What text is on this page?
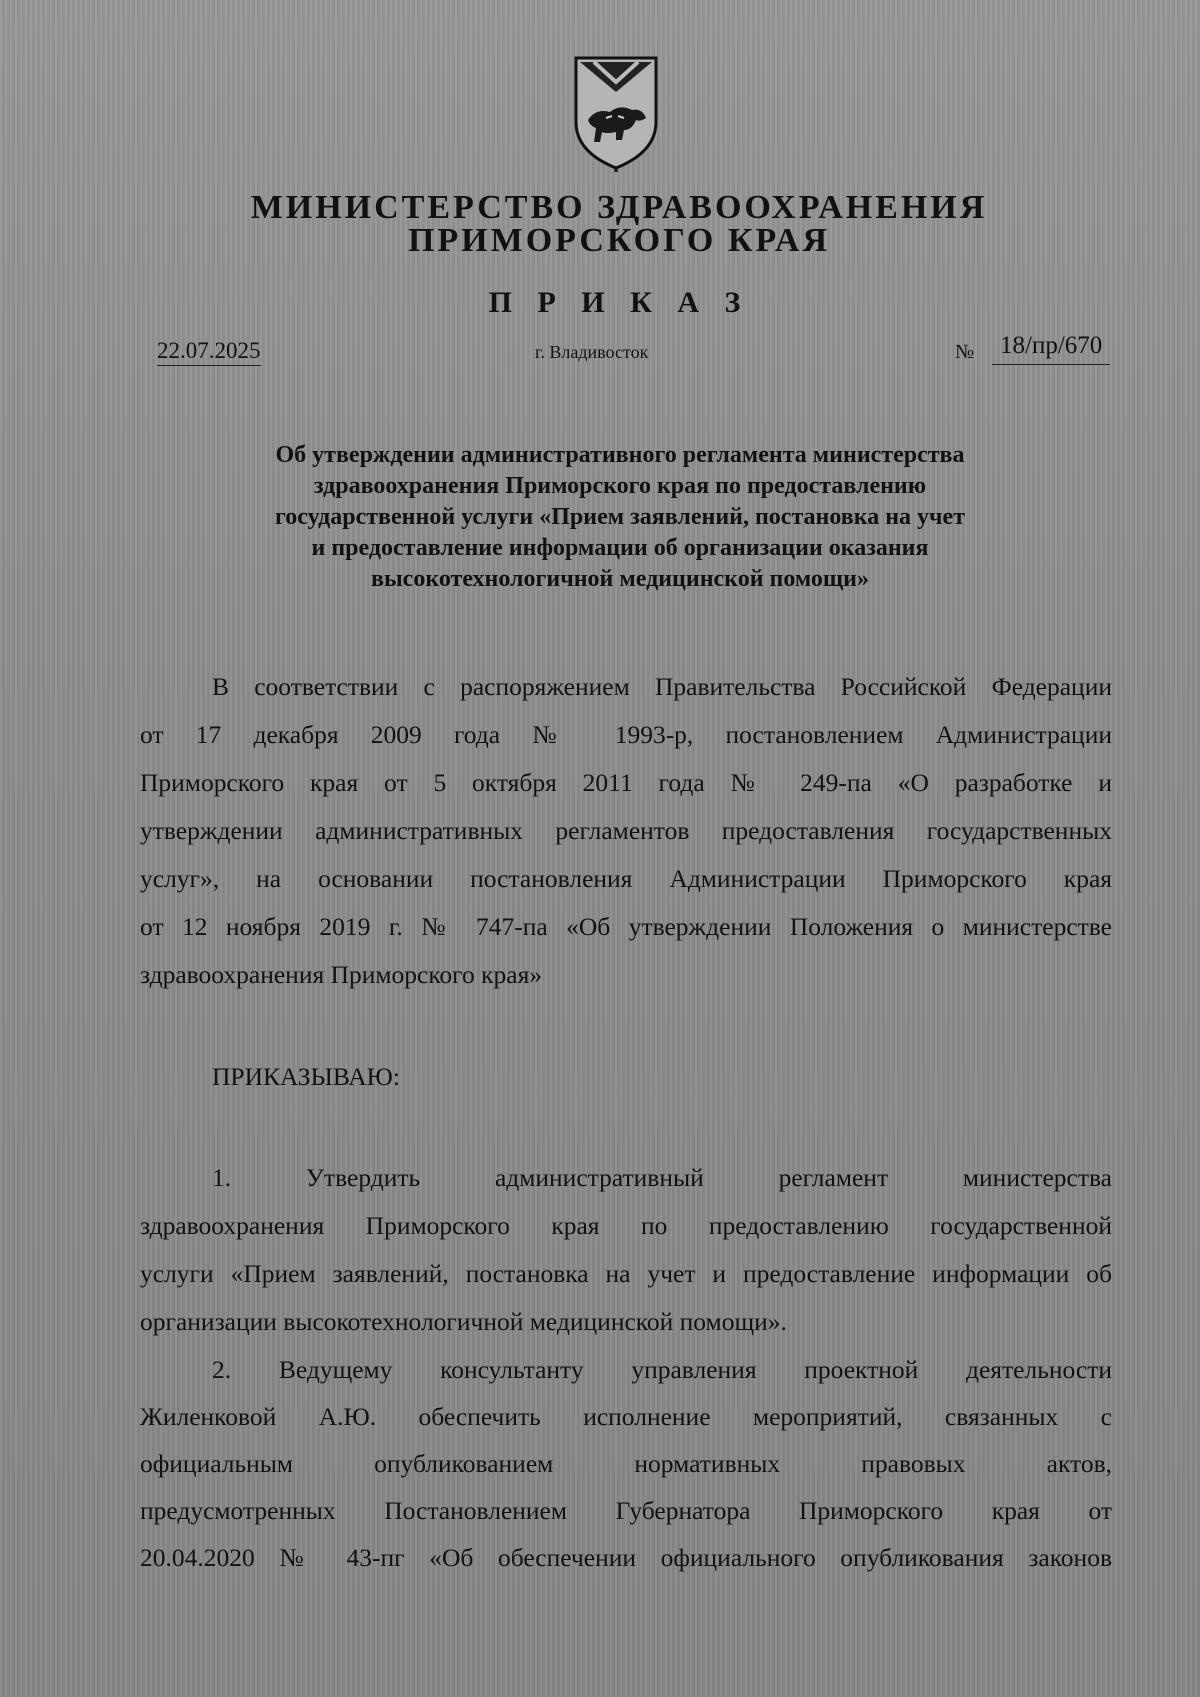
МИНИСТЕРСТВО ЗДРАВООХРАНЕНИЯ
ПРИМОРСКОГО КРАЯ
П Р И К А З
22.07.2025	г. Владивосток	№	18/пр/670
Об утверждении административного регламента министерства
здравоохранения Приморского края по предоставлению
государственной услуги «Прием заявлений, постановка на учет
и предоставление информации об организации оказания
высокотехнологичной медицинской помощи»
В соответствии с распоряжением Правительства Российской Федерации
от 17 декабря 2009 года № 1993-р, постановлением Администрации
Приморского края от 5 октября 2011 года № 249-па «О разработке и
утверждении административных регламентов предоставления государственных
услуг», на основании постановления Администрации Приморского края
от 12 ноября 2019 г. № 747-па «Об утверждении Положения о министерстве
здравоохранения Приморского края»
ПРИКАЗЫВАЮ:
1. Утвердить административный регламент министерства
здравоохранения Приморского края по предоставлению государственной
услуги «Прием заявлений, постановка на учет и предоставление информации об
организации высокотехнологичной медицинской помощи».
2. Ведущему консультанту управления проектной деятельности
Жиленковой А.Ю. обеспечить исполнение мероприятий, связанных с
официальным опубликованием нормативных правовых актов,
предусмотренных Постановлением Губернатора Приморского края от
20.04.2020 № 43-пг «Об обеспечении официального опубликования законов
